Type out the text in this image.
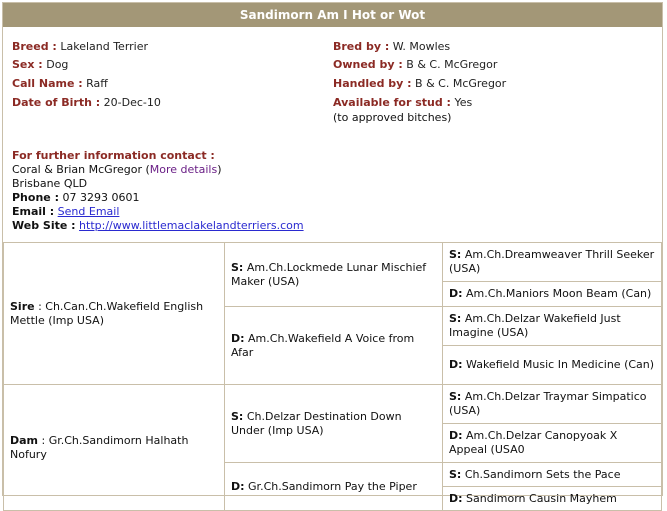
Sandimorn Am I Hot or Wot
Breed : Lakeland Terrier
Sex : Dog
Call Name : Raff
Date of Birth : 20-Dec-10
Bred by : W. Mowles
Owned by : B & C. McGregor
Handled by : B & C. McGregor
Available for stud : Yes
(to approved bitches)
For further information contact :
Coral & Brian McGregor (More details)
Brisbane QLD
Phone : 07 3293 0601
Email : Send Email
Web Site : http://www.littlemaclakelandterriers.com
Sire : Ch.Can.Ch.Wakefield English Mettle (Imp USA)	S: Am.Ch.Lockmede Lunar Mischief Maker (USA)	S: Am.Ch.Dreamweaver Thrill Seeker (USA)
		D: Am.Ch.Maniors Moon Beam (Can)
	D: Am.Ch.Wakefield A Voice from Afar	S: Am.Ch.Delzar Wakefield Just Imagine (USA)
		D: Wakefield Music In Medicine (Can)
Dam : Gr.Ch.Sandimorn Halhath Nofury	S: Ch.Delzar Destination Down Under (Imp USA)	S: Am.Ch.Delzar Traymar Simpatico (USA)
		D: Am.Ch.Delzar Canopyoak X Appeal (USA0
	D: Gr.Ch.Sandimorn Pay the Piper	S: Ch.Sandimorn Sets the Pace
		D: Sandimorn Causin Mayhem
